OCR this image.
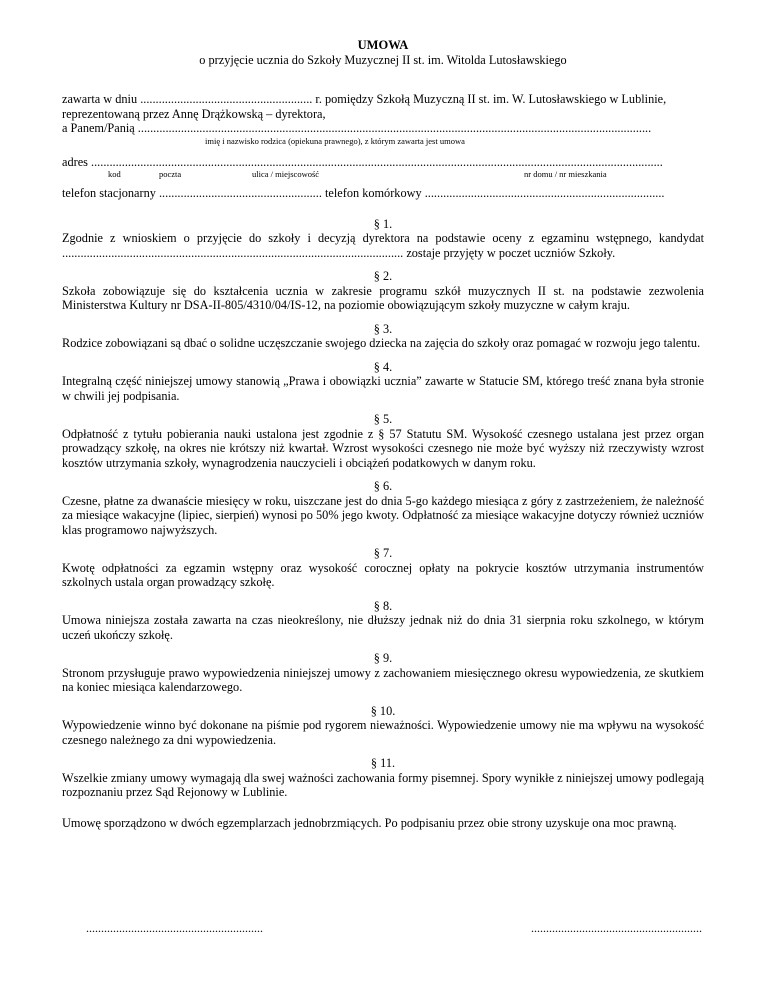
UMOWA
o przyjęcie ucznia do Szkoły Muzycznej II st. im. Witolda Lutosławskiego
zawarta w dniu ........................................................ r. pomiędzy Szkołą Muzyczną II st. im. W. Lutosławskiego w Lublinie,
reprezentowaną przez Annę Drążkowską – dyrektora,
a Panem/Panią .......................................................................................................................................................................
imię i nazwisko rodzica (opiekuna prawnego), z którym zawarta jest umowa
adres ..........................................................................................................................................................................................
kod	poczta	ulica / miejscowość	nr domu / nr mieszkania
telefon stacjonarny ..................................................... telefon komórkowy ..............................................................................
§ 1.

Zgodnie z wnioskiem o przyjęcie do szkoły i decyzją dyrektora na podstawie oceny z egzaminu wstępnego, kandydat ............................................................................................................... zostaje przyjęty w poczet uczniów Szkoły.

§ 2.

Szkoła zobowiązuje się do kształcenia ucznia w zakresie programu szkół muzycznych II st. na podstawie zezwolenia Ministerstwa Kultury nr DSA-II-805/4310/04/IS-12, na poziomie obowiązującym szkoły muzyczne w całym kraju.

§ 3.

Rodzice zobowiązani są dbać o solidne uczęszczanie swojego dziecka na zajęcia do szkoły oraz pomagać w rozwoju jego talentu.

§ 4.

Integralną część niniejszej umowy stanowią „Prawa i obowiązki ucznia” zawarte w Statucie SM, którego treść znana była stronie w chwili jej podpisania.

§ 5.

Odpłatność z tytułu pobierania nauki ustalona jest zgodnie z § 57 Statutu SM. Wysokość czesnego ustalana jest przez organ prowadzący szkołę, na okres nie krótszy niż kwartał. Wzrost wysokości czesnego nie może być wyższy niż rzeczywisty wzrost kosztów utrzymania szkoły, wynagrodzenia nauczycieli i obciążeń podatkowych w danym roku.

§ 6.

Czesne, płatne za dwanaście miesięcy w roku, uiszczane jest do dnia 5-go każdego miesiąca z góry z zastrzeżeniem, że należność za miesiące wakacyjne (lipiec, sierpień) wynosi po 50% jego kwoty. Odpłatność za miesiące wakacyjne dotyczy również uczniów klas programowo najwyższych.

§ 7.

Kwotę odpłatności za egzamin wstępny oraz wysokość corocznej opłaty na pokrycie kosztów utrzymania instrumentów szkolnych ustala organ prowadzący szkołę.

§ 8.

Umowa niniejsza została zawarta na czas nieokreślony, nie dłuższy jednak niż do dnia 31 sierpnia roku szkolnego, w którym uczeń ukończy szkołę.

§ 9.

Stronom przysługuje prawo wypowiedzenia niniejszej umowy z zachowaniem miesięcznego okresu wypowiedzenia, ze skutkiem na koniec miesiąca kalendarzowego.

§ 10.

Wypowiedzenie winno być dokonane na piśmie pod rygorem nieważności. Wypowiedzenie umowy nie ma wpływu na wysokość czesnego należnego za dni wypowiedzenia.

§ 11.

Wszelkie zmiany umowy wymagają dla swej ważności zachowania formy pisemnej. Spory wynikłe z niniejszej umowy podlegają rozpoznaniu przez Sąd Rejonowy w Lublinie.

Umowę sporządzono w dwóch egzemplarzach jednobrzmiących. Po podpisaniu przez obie strony uzyskuje ona moc prawną.

...........................................................	.........................................................
